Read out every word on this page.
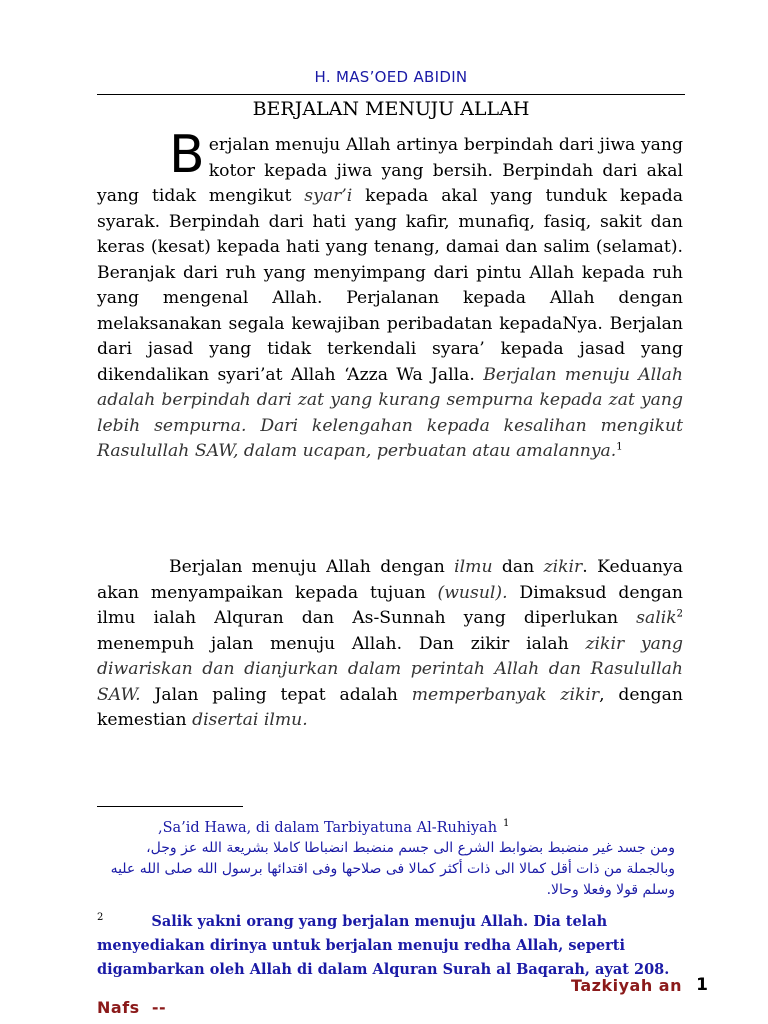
H. MAS’OED ABIDIN
BERJALAN MENUJU ALLAH

Berjalan menuju Allah artinya berpindah dari jiwa yang kotor kepada jiwa yang bersih. Berpindah dari akal yang tidak mengikut syar’i kepada akal yang tunduk kepada syarak. Berpindah dari hati yang kafir, munafiq, fasiq, sakit dan keras (kesat) kepada hati yang tenang, damai dan salim (selamat). Beranjak dari ruh yang menyimpang dari pintu Allah kepada ruh yang mengenal Allah. Perjalanan kepada Allah dengan melaksanakan segala kewajiban peribadatan kepadaNya. Berjalan dari jasad yang tidak terkendali syara’ kepada jasad yang dikendalikan syari’at Allah ‘Azza Wa Jalla. Berjalan menuju Allah adalah berpindah dari zat yang kurang sempurna kepada zat yang lebih sempurna. Dari kelengahan kepada kesalihan mengikut Rasulullah SAW, dalam ucapan, perbuatan atau amalannya.$^1$

Berjalan menuju Allah dengan ilmu dan zikir. Keduanya akan menyampaikan kepada tujuan (wusul). Dimaksud dengan ilmu ialah Alquran dan As-Sunnah yang diperlukan salik$^2$ menempuh jalan menuju Allah. Dan zikir ialah zikir yang diwariskan dan dianjurkan dalam perintah Allah dan Rasulullah SAW. Jalan paling tepat adalah memperbanyak zikir, dengan kemestian disertai ilmu.

,Sa’id Hawa, di dalam Tarbiyatuna Al-Ruhiyah $^1$

ومن جسد غير منضبط بضوابط الشرع الى جسم منضبط انضباطا كاملا بشريعة الله عز وجل، وبالجملة من ذات أقل كمالا الى ذات أكثر كمالا فى صلاحها وفى اقتدائها برسول الله صلى الله عليه وسلم قولا وفعلا وحالا.

$^2$	Salik yakni orang yang berjalan menuju Allah. Dia telah menyediakan dirinya untuk berjalan menuju redha Allah, seperti digambarkan oleh Allah di dalam Alquran Surah al Baqarah, ayat 208.

Tazkiyah an 1
Nafs  --
